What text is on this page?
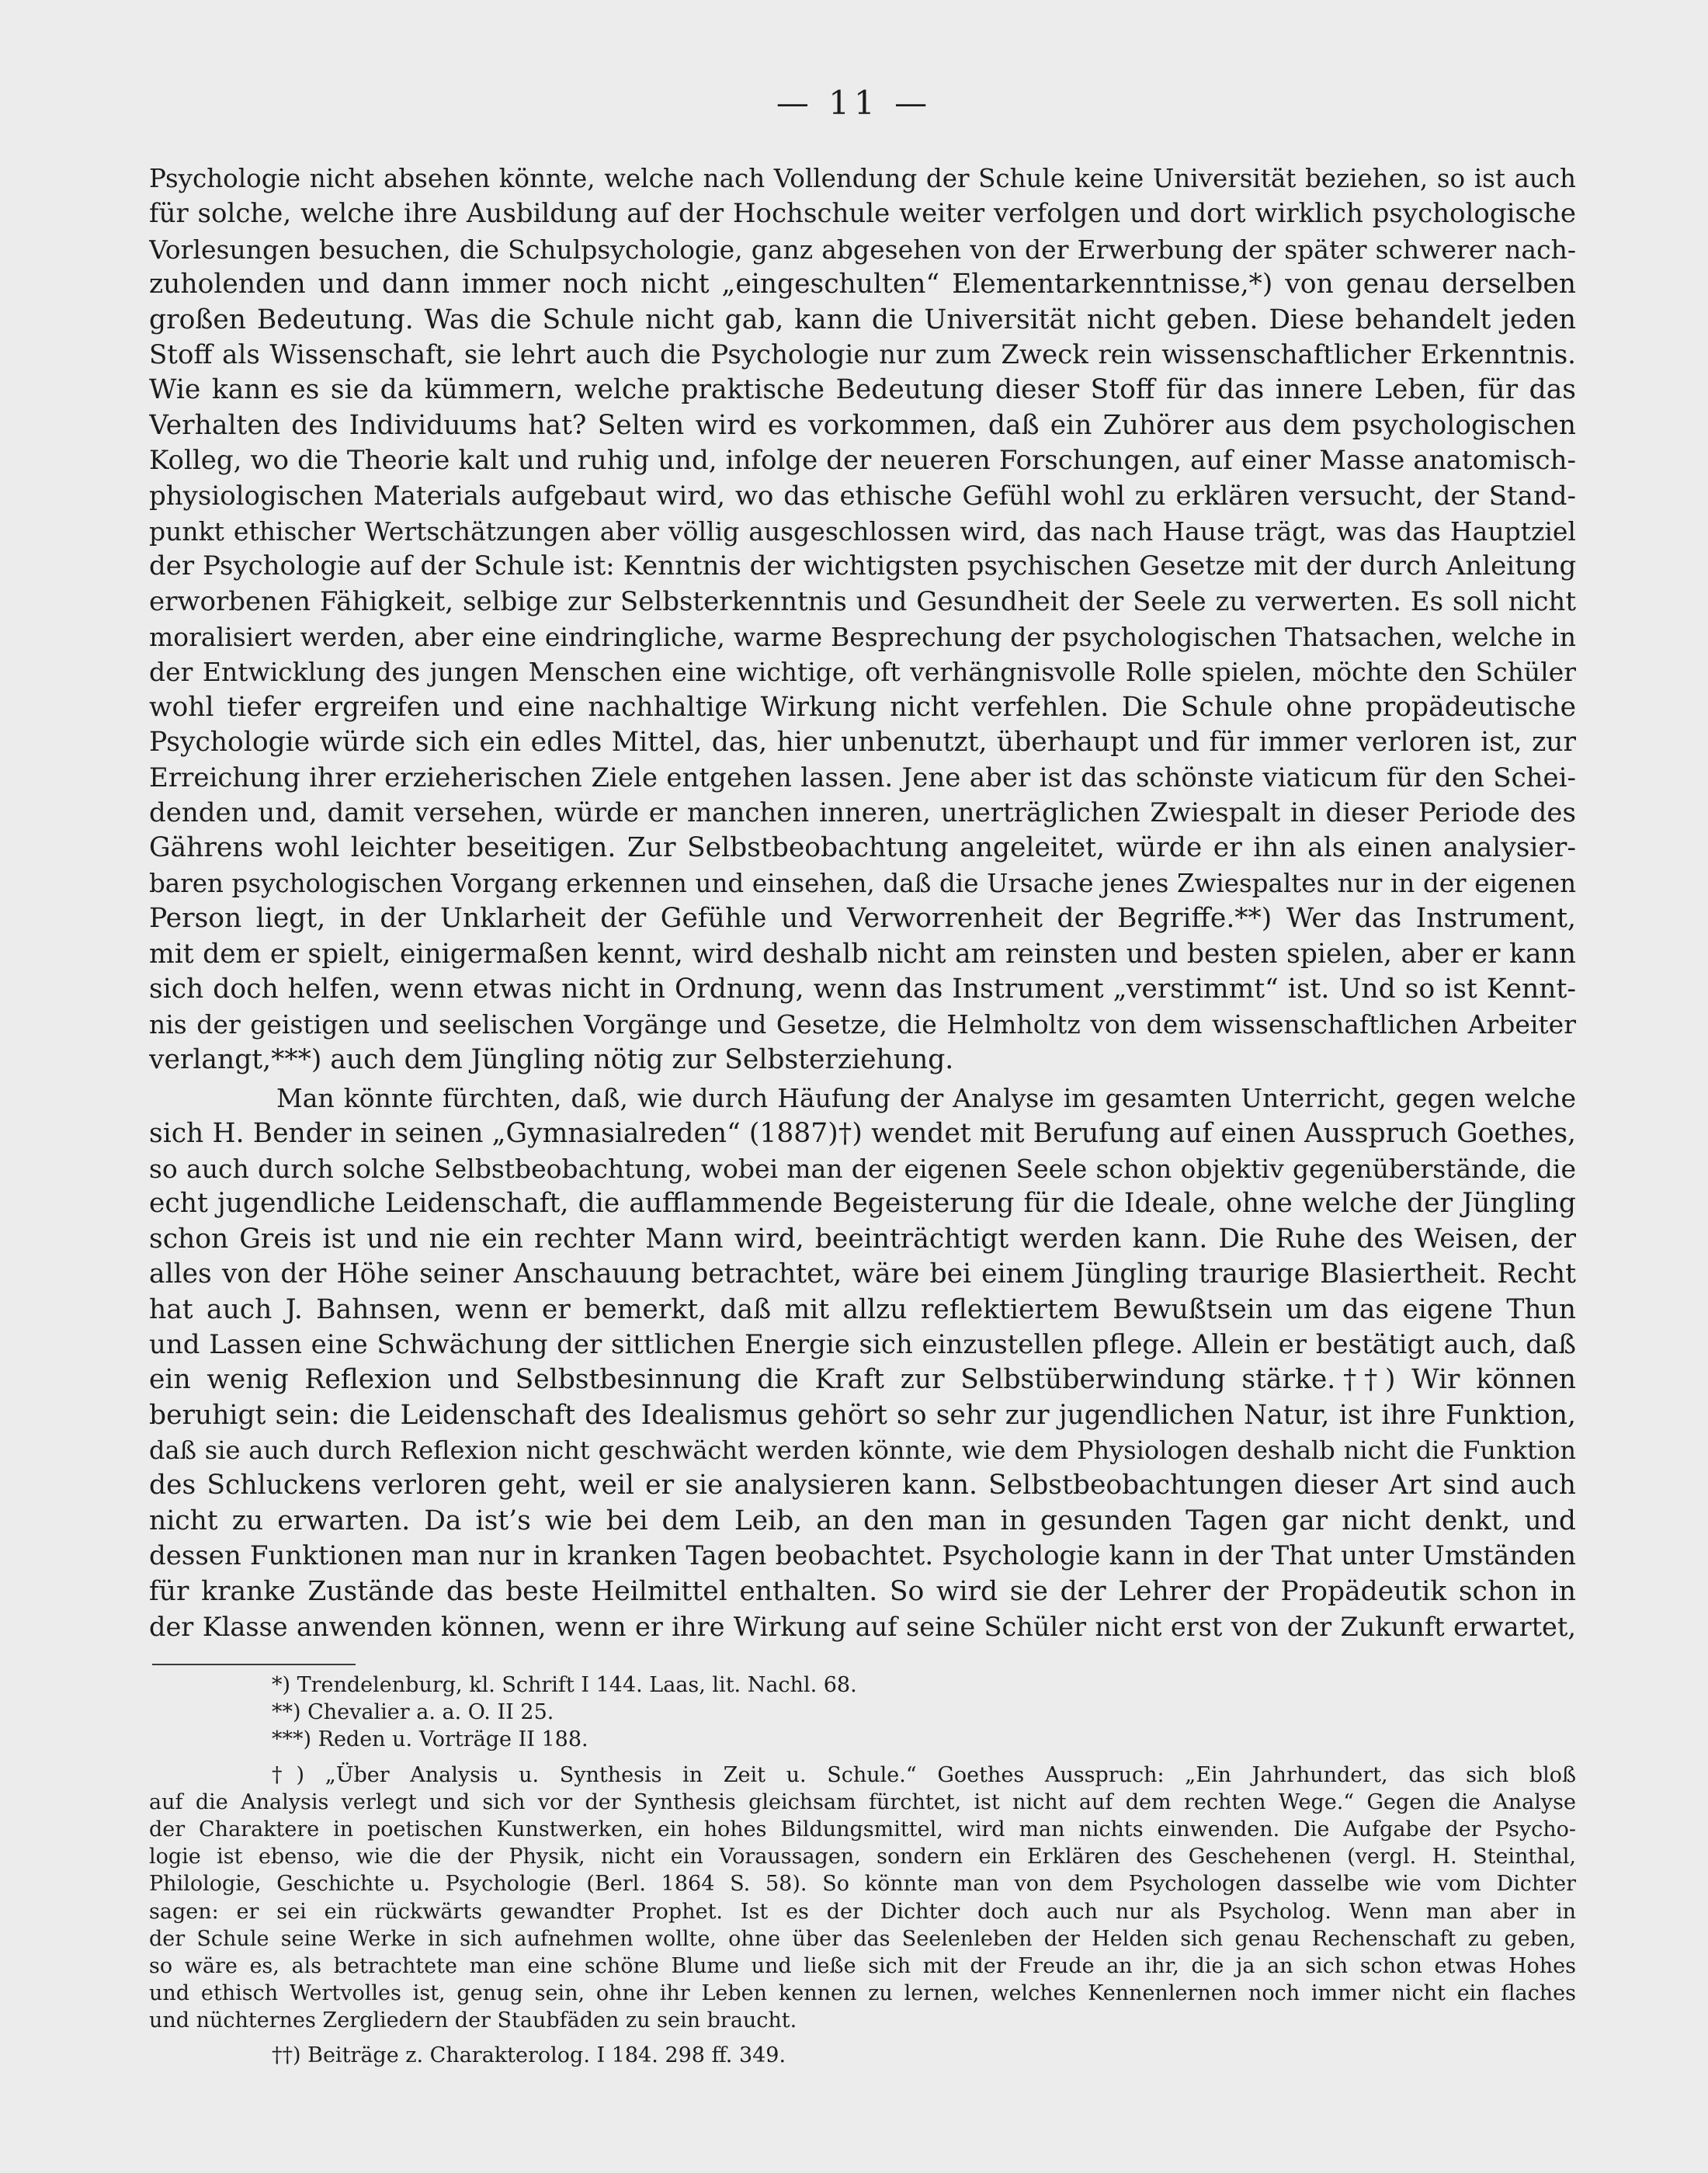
— 11 —
Psychologie nicht absehen könnte, welche nach Vollendung der Schule keine Universität beziehen, so ist auch
für solche, welche ihre Ausbildung auf der Hochschule weiter verfolgen und dort wirklich psychologische
Vorlesungen besuchen, die Schulpsychologie, ganz abgesehen von der Erwerbung der später schwerer nach-
zuholenden und dann immer noch nicht „eingeschulten“ Elementarkenntnisse,*) von genau derselben
großen Bedeutung. Was die Schule nicht gab, kann die Universität nicht geben. Diese behandelt jeden
Stoff als Wissenschaft, sie lehrt auch die Psychologie nur zum Zweck rein wissenschaftlicher Erkenntnis.
Wie kann es sie da kümmern, welche praktische Bedeutung dieser Stoff für das innere Leben, für das
Verhalten des Individuums hat? Selten wird es vorkommen, daß ein Zuhörer aus dem psychologischen
Kolleg, wo die Theorie kalt und ruhig und, infolge der neueren Forschungen, auf einer Masse anatomisch-
physiologischen Materials aufgebaut wird, wo das ethische Gefühl wohl zu erklären versucht, der Stand-
punkt ethischer Wertschätzungen aber völlig ausgeschlossen wird, das nach Hause trägt, was das Hauptziel
der Psychologie auf der Schule ist: Kenntnis der wichtigsten psychischen Gesetze mit der durch Anleitung
erworbenen Fähigkeit, selbige zur Selbsterkenntnis und Gesundheit der Seele zu verwerten. Es soll nicht
moralisiert werden, aber eine eindringliche, warme Besprechung der psychologischen Thatsachen, welche in
der Entwicklung des jungen Menschen eine wichtige, oft verhängnisvolle Rolle spielen, möchte den Schüler
wohl tiefer ergreifen und eine nachhaltige Wirkung nicht verfehlen. Die Schule ohne propädeutische
Psychologie würde sich ein edles Mittel, das, hier unbenutzt, überhaupt und für immer verloren ist, zur
Erreichung ihrer erzieherischen Ziele entgehen lassen. Jene aber ist das schönste viaticum für den Schei-
denden und, damit versehen, würde er manchen inneren, unerträglichen Zwiespalt in dieser Periode des
Gährens wohl leichter beseitigen. Zur Selbstbeobachtung angeleitet, würde er ihn als einen analysier-
baren psychologischen Vorgang erkennen und einsehen, daß die Ursache jenes Zwiespaltes nur in der eigenen
Person liegt, in der Unklarheit der Gefühle und Verworrenheit der Begriffe.**) Wer das Instrument,
mit dem er spielt, einigermaßen kennt, wird deshalb nicht am reinsten und besten spielen, aber er kann
sich doch helfen, wenn etwas nicht in Ordnung, wenn das Instrument „verstimmt“ ist. Und so ist Kennt-
nis der geistigen und seelischen Vorgänge und Gesetze, die Helmholtz von dem wissenschaftlichen Arbeiter
verlangt,***) auch dem Jüngling nötig zur Selbsterziehung.
Man könnte fürchten, daß, wie durch Häufung der Analyse im gesamten Unterricht, gegen welche
sich H. Bender in seinen „Gymnasialreden“ (1887)†) wendet mit Berufung auf einen Ausspruch Goethes,
so auch durch solche Selbstbeobachtung, wobei man der eigenen Seele schon objektiv gegenüberstände, die
echt jugendliche Leidenschaft, die aufflammende Begeisterung für die Ideale, ohne welche der Jüngling
schon Greis ist und nie ein rechter Mann wird, beeinträchtigt werden kann. Die Ruhe des Weisen, der
alles von der Höhe seiner Anschauung betrachtet, wäre bei einem Jüngling traurige Blasiertheit. Recht
hat auch J. Bahnsen, wenn er bemerkt, daß mit allzu reflektiertem Bewußtsein um das eigene Thun
und Lassen eine Schwächung der sittlichen Energie sich einzustellen pflege. Allein er bestätigt auch, daß
ein wenig Reflexion und Selbstbesinnung die Kraft zur Selbstüberwindung stärke.††) Wir können
beruhigt sein: die Leidenschaft des Idealismus gehört so sehr zur jugendlichen Natur, ist ihre Funktion,
daß sie auch durch Reflexion nicht geschwächt werden könnte, wie dem Physiologen deshalb nicht die Funktion
des Schluckens verloren geht, weil er sie analysieren kann. Selbstbeobachtungen dieser Art sind auch
nicht zu erwarten. Da ist’s wie bei dem Leib, an den man in gesunden Tagen gar nicht denkt, und
dessen Funktionen man nur in kranken Tagen beobachtet. Psychologie kann in der That unter Umständen
für kranke Zustände das beste Heilmittel enthalten. So wird sie der Lehrer der Propädeutik schon in
der Klasse anwenden können, wenn er ihre Wirkung auf seine Schüler nicht erst von der Zukunft erwartet,
*) Trendelenburg, kl. Schrift I 144. Laas, lit. Nachl. 68.
**) Chevalier a. a. O. II 25.
***) Reden u. Vorträge II 188.
†) „Über Analysis u. Synthesis in Zeit u. Schule.“ Goethes Ausspruch: „Ein Jahrhundert, das sich bloß
auf die Analysis verlegt und sich vor der Synthesis gleichsam fürchtet, ist nicht auf dem rechten Wege.“ Gegen die Analyse
der Charaktere in poetischen Kunstwerken, ein hohes Bildungsmittel, wird man nichts einwenden. Die Aufgabe der Psycho-
logie ist ebenso, wie die der Physik, nicht ein Voraussagen, sondern ein Erklären des Geschehenen (vergl. H. Steinthal,
Philologie, Geschichte u. Psychologie (Berl. 1864 S. 58). So könnte man von dem Psychologen dasselbe wie vom Dichter
sagen: er sei ein rückwärts gewandter Prophet. Ist es der Dichter doch auch nur als Psycholog. Wenn man aber in
der Schule seine Werke in sich aufnehmen wollte, ohne über das Seelenleben der Helden sich genau Rechenschaft zu geben,
so wäre es, als betrachtete man eine schöne Blume und ließe sich mit der Freude an ihr, die ja an sich schon etwas Hohes
und ethisch Wertvolles ist, genug sein, ohne ihr Leben kennen zu lernen, welches Kennenlernen noch immer nicht ein flaches
und nüchternes Zergliedern der Staubfäden zu sein braucht.
††) Beiträge z. Charakterolog. I 184. 298 ff. 349.
